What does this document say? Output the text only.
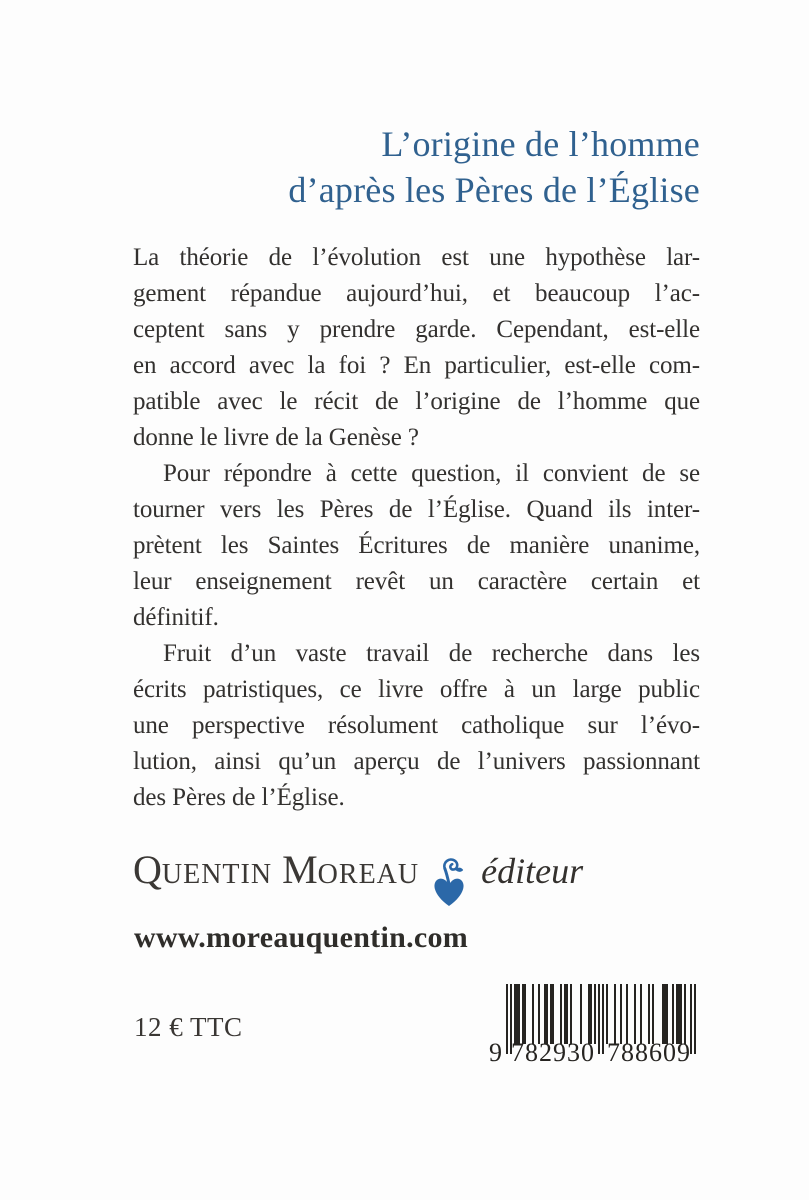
L’origine de l’homme
d’après les Pères de l’Église
La théorie de l’évolution est une hypothèse lar-
gement répandue aujourd’hui, et beaucoup l’ac-
ceptent sans y prendre garde. Cependant, est-elle
en accord avec la foi ? En particulier, est-elle com-
patible avec le récit de l’origine de l’homme que
donne le livre de la Genèse ?
Pour répondre à cette question, il convient de se
tourner vers les Pères de l’Église. Quand ils inter-
prètent les Saintes Écritures de manière unanime,
leur enseignement revêt un caractère certain et
définitif.
Fruit d’un vaste travail de recherche dans les
écrits patristiques, ce livre offre à un large public
une perspective résolument catholique sur l’évo-
lution, ainsi qu’un aperçu de l’univers passionnant
des Pères de l’Église.
QUENTIN MOREAU éditeur
www.moreauquentin.com
12 € TTC
9 782930 788609
